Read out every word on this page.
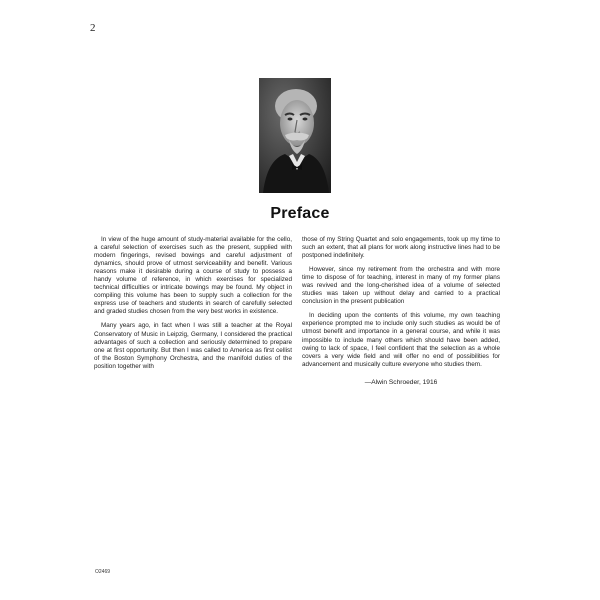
2
Preface

In view of the huge amount of study-material available for the cello, a careful selection of exercises such as the present, supplied with modern fingerings, revised bowings and careful adjustment of dynamics, should prove of utmost serviceability and benefit. Various reasons make it desirable during a course of study to possess a handy volume of reference, in which exercises for specialized technical difficulties or intricate bowings may be found. My object in compiling this volume has been to supply such a collection for the express use of teachers and students in search of carefully selected and graded studies chosen from the very best works in existence.

Many years ago, in fact when I was still a teacher at the Royal Conservatory of Music in Leipzig, Germany, I considered the practical advantages of such a collection and seriously determined to prepare one at first opportunity. But then I was called to America as first cellist of the Boston Symphony Orchestra, and the manifold duties of the position together with

those of my String Quartet and solo engagements, took up my time to such an extent, that all plans for work along instructive lines had to be postponed indefinitely.

However, since my retirement from the orchestra and with more time to dispose of for teaching, interest in many of my former plans was revived and the long-cherished idea of a volume of selected studies was taken up without delay and carried to a practical conclusion in the present publication

In deciding upon the contents of this volume, my own teaching experience prompted me to include only such studies as would be of utmost benefit and importance in a general course, and while it was impossible to include many others which should have been added, owing to lack of space, I feel confident that the selection as a whole covers a very wide field and will offer no end of possibilities for advancement and musically culture everyone who studies them.

—Alwin Schroeder, 1916
O2469
